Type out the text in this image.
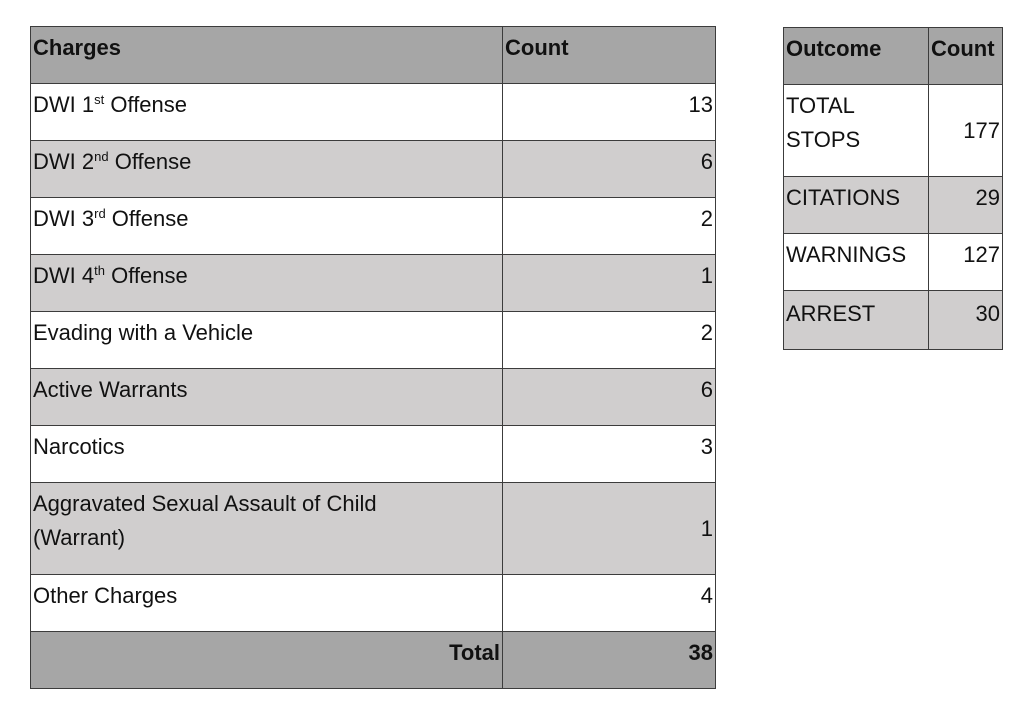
Charges	Count
DWI 1st Offense	13
DWI 2nd Offense	6
DWI 3rd Offense	2
DWI 4th Offense	1
Evading with a Vehicle	2
Active Warrants	6
Narcotics	3
Aggravated Sexual Assault of Child
(Warrant)	1
Other Charges	4
Total	38
Outcome	Count
TOTAL
STOPS	177
CITATIONS	29
WARNINGS	127
ARREST	30
